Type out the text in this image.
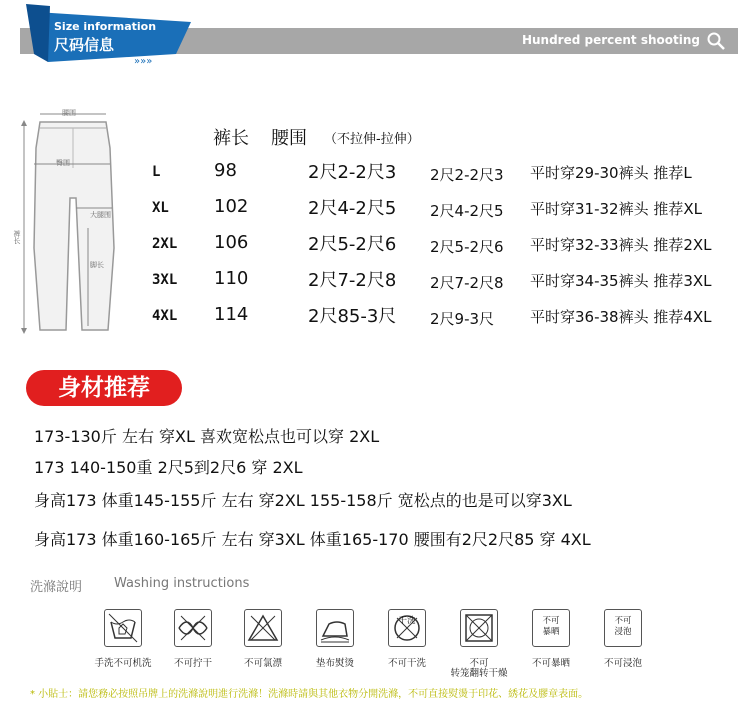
Hundred percent shooting
»»»
Size information
尺码信息
腰围
臀围
大腿围
脚长
裤长
裤长 腰围 （不拉伸-拉伸）
L	98	2尺2-2尺3 2尺2-2尺3 平时穿29-30裤头 推荐L
XL	102	2尺4-2尺5 2尺4-2尺5 平时穿31-32裤头 推荐XL
2XL 106	2尺5-2尺6 2尺5-2尺6 平时穿32-33裤头 推荐2XL
3XL 110	2尺7-2尺8 2尺7-2尺8 平时穿34-35裤头 推荐3XL
4XL 114	2尺85-3尺 2尺9-3尺 平时穿36-38裤头 推荐4XL
身材推荐
173-130斤 左右 穿XL 喜欢宽松点也可以穿 2XL
173 140-150重 2尺5到2尺6 穿 2XL
身高173 体重145-155斤 左右 穿2XL 155-158斤 宽松点的也是可以穿3XL
身高173 体重160-165斤 左右 穿3XL 体重165-170 腰围有2尺2尺85 穿 4XL
洗滌說明 Washing instructions
手洗不可机洗	不可拧干	不可氯漂	垫布熨烫
干洗
不可干洗	不可
转笼翻转干燥
不可
暴晒
不可暴晒
不可
浸泡
不可浸泡
* 小貼士：請您務必按照吊牌上的洗滌說明進行洗滌！洗滌時請與其他衣物分開洗滌，不可直接熨燙于印花、綉花及膠章表面。
